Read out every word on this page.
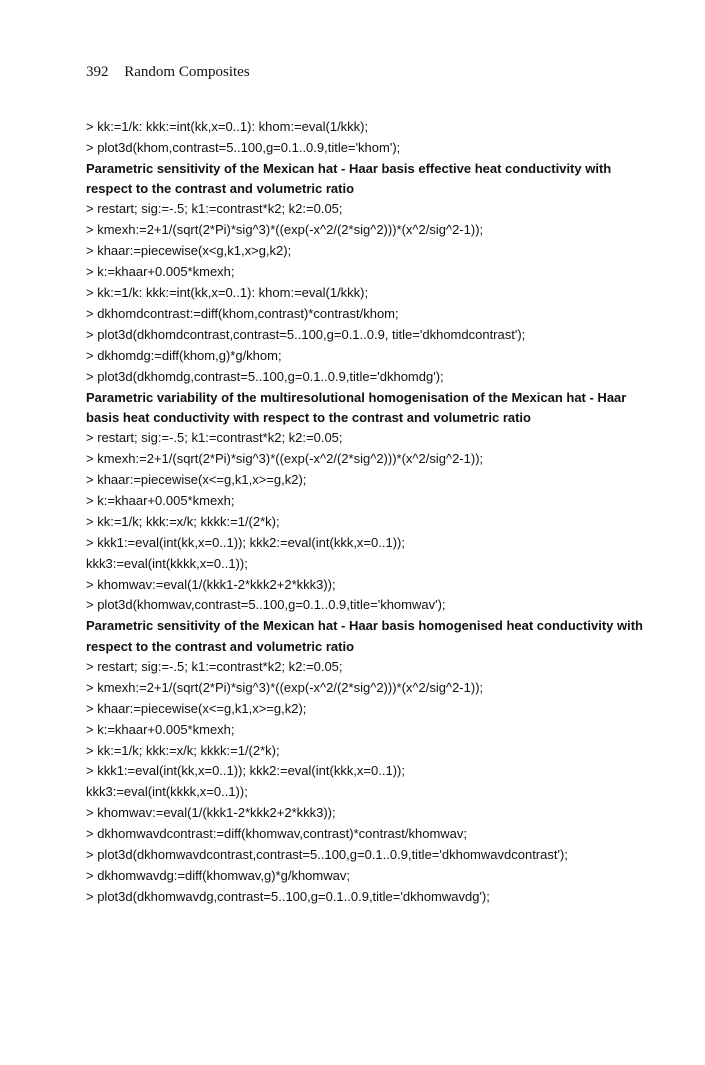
392 Random Composites
> kk:=1/k: kkk:=int(kk,x=0..1): khom:=eval(1/kkk);
> plot3d(khom,contrast=5..100,g=0.1..0.9,title='khom');
Parametric sensitivity of the Mexican hat - Haar basis effective heat conductivity with respect to the contrast and volumetric ratio
> restart; sig:=-.5; k1:=contrast*k2; k2:=0.05;
> kmexh:=2+1/(sqrt(2*Pi)*sig^3)*((exp(-x^2/(2*sig^2)))*(x^2/sig^2-1));
> khaar:=piecewise(x<g,k1,x>g,k2);
> k:=khaar+0.005*kmexh;
> kk:=1/k: kkk:=int(kk,x=0..1): khom:=eval(1/kkk);
> dkhomdcontrast:=diff(khom,contrast)*contrast/khom;
> plot3d(dkhomdcontrast,contrast=5..100,g=0.1..0.9, title='dkhomdcontrast');
> dkhomdg:=diff(khom,g)*g/khom;
> plot3d(dkhomdg,contrast=5..100,g=0.1..0.9,title='dkhomdg');
Parametric variability of the multiresolutional homogenisation of the Mexican hat - Haar basis heat conductivity with respect to the contrast and volumetric ratio
> restart; sig:=-.5; k1:=contrast*k2; k2:=0.05;
> kmexh:=2+1/(sqrt(2*Pi)*sig^3)*((exp(-x^2/(2*sig^2)))*(x^2/sig^2-1));
> khaar:=piecewise(x<=g,k1,x>=g,k2);
> k:=khaar+0.005*kmexh;
> kk:=1/k; kkk:=x/k; kkkk:=1/(2*k);
> kkk1:=eval(int(kk,x=0..1)); kkk2:=eval(int(kkk,x=0..1));
kkk3:=eval(int(kkkk,x=0..1));
> khomwav:=eval(1/(kkk1-2*kkk2+2*kkk3));
> plot3d(khomwav,contrast=5..100,g=0.1..0.9,title='khomwav');
Parametric sensitivity of the Mexican hat - Haar basis homogenised heat conductivity with respect to the contrast and volumetric ratio
> restart; sig:=-.5; k1:=contrast*k2; k2:=0.05;
> kmexh:=2+1/(sqrt(2*Pi)*sig^3)*((exp(-x^2/(2*sig^2)))*(x^2/sig^2-1));
> khaar:=piecewise(x<=g,k1,x>=g,k2);
> k:=khaar+0.005*kmexh;
> kk:=1/k; kkk:=x/k; kkkk:=1/(2*k);
> kkk1:=eval(int(kk,x=0..1)); kkk2:=eval(int(kkk,x=0..1));
kkk3:=eval(int(kkkk,x=0..1));
> khomwav:=eval(1/(kkk1-2*kkk2+2*kkk3));
> dkhomwavdcontrast:=diff(khomwav,contrast)*contrast/khomwav;
> plot3d(dkhomwavdcontrast,contrast=5..100,g=0.1..0.9,title='dkhomwavdcontrast');
> dkhomwavdg:=diff(khomwav,g)*g/khomwav;
> plot3d(dkhomwavdg,contrast=5..100,g=0.1..0.9,title='dkhomwavdg');
